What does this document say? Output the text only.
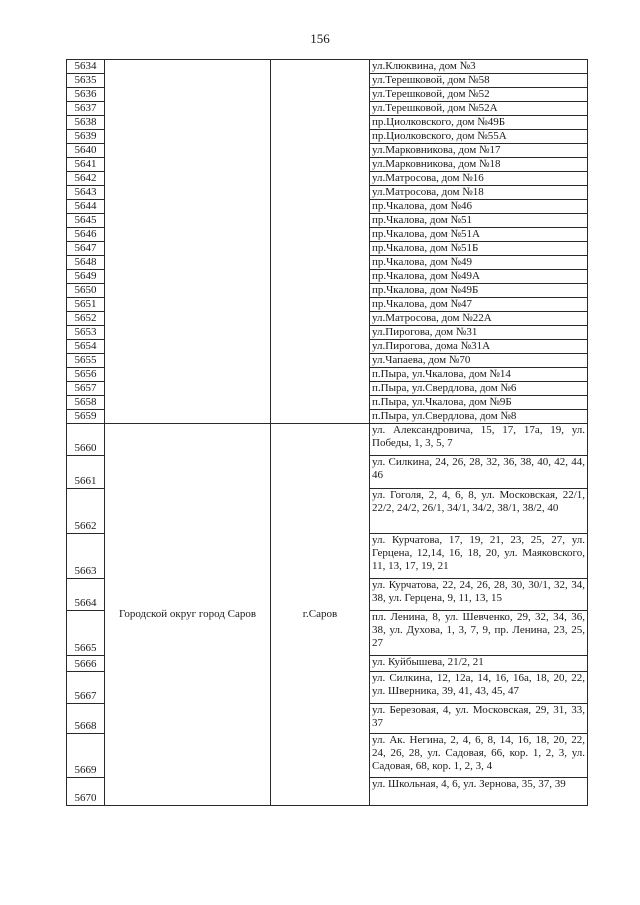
156
5634			ул.Клюквина, дом №3
5635			ул.Терешковой, дом №58
5636			ул.Терешковой, дом №52
5637			ул.Терешковой, дом №52А
5638			пр.Циолковского, дом №49Б
5639			пр.Циолковского, дом №55А
5640			ул.Марковникова, дом №17
5641			ул.Марковникова, дом №18
5642			ул.Матросова, дом №16
5643			ул.Матросова, дом №18
5644			пр.Чкалова, дом №46
5645			пр.Чкалова, дом №51
5646			пр.Чкалова, дом №51А
5647			пр.Чкалова, дом №51Б
5648			пр.Чкалова, дом №49
5649			пр.Чкалова, дом №49А
5650			пр.Чкалова, дом №49Б
5651			пр.Чкалова, дом №47
5652			ул.Матросова, дом №22А
5653			ул.Пирогова, дом №31
5654			ул.Пирогова, дома №31А
5655			ул.Чапаева, дом №70
5656			п.Пыра, ул.Чкалова, дом №14
5657			п.Пыра, ул.Свердлова, дом №6
5658			п.Пыра, ул.Чкалова, дом №9Б
5659			п.Пыра, ул.Свердлова, дом №8
5660	Городской округ город Саров	г.Саров	ул. Александровича, 15, 17, 17а, 19, ул. Победы, 1, 3, 5, 7
5661			ул. Силкина, 24, 26, 28, 32, 36, 38, 40, 42, 44, 46
5662			ул. Гоголя, 2, 4, 6, 8, ул. Московская, 22/1, 22/2, 24/2, 26/1, 34/1, 34/2, 38/1, 38/2, 40
5663			ул. Курчатова, 17, 19, 21, 23, 25, 27, ул. Герцена, 12,14, 16, 18, 20, ул. Маяковского, 11, 13, 17, 19, 21
5664			ул. Курчатова, 22, 24, 26, 28, 30, 30/1, 32, 34, 38, ул. Герцена, 9, 11, 13, 15
5665			пл. Ленина, 8, ул. Шевченко, 29, 32, 34, 36, 38, ул. Духова, 1, 3, 7, 9, пр. Ленина, 23, 25, 27
5666			ул. Куйбышева, 21/2, 21
5667			ул. Силкина, 12, 12а, 14, 16, 16а, 18, 20, 22, ул. Шверника, 39, 41, 43, 45, 47
5668			ул. Березовая, 4, ул. Московская, 29, 31, 33, 37
5669			ул. Ак. Негина, 2, 4, 6, 8, 14, 16, 18, 20, 22, 24, 26, 28, ул. Садовая, 66, кор. 1, 2, 3, ул. Садовая, 68, кор. 1, 2, 3, 4
5670			ул. Школьная, 4, 6, ул. Зернова, 35, 37, 39
